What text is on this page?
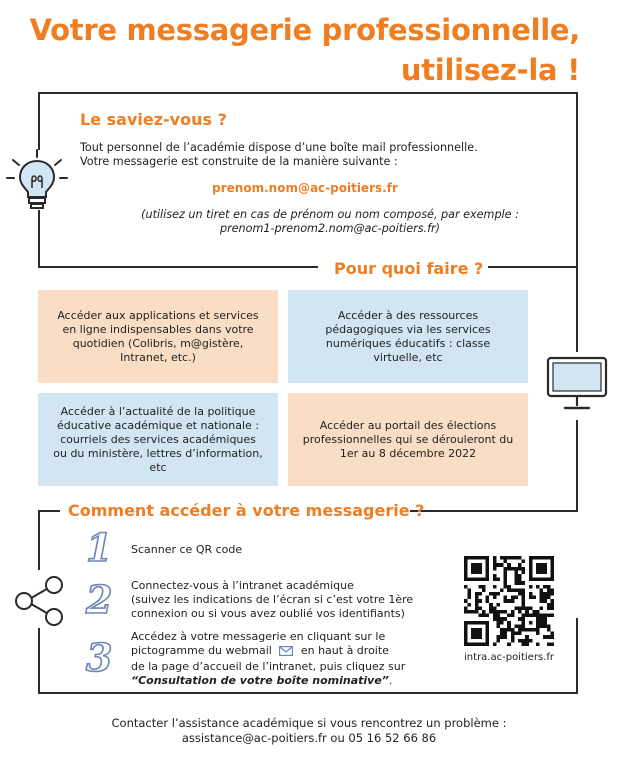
Votre messagerie professionnelle,
utilisez-la !
Le saviez-vous ?
Tout personnel de l’académie dispose d’une boîte mail professionnelle.
Votre messagerie est construite de la manière suivante :
prenom.nom@ac-poitiers.fr
(utilisez un tiret en cas de prénom ou nom composé, par exemple :
prenom1-prenom2.nom@ac-poitiers.fr)
Pour quoi faire ?
Accéder aux applications et services en ligne indispensables dans votre quotidien (Colibris, m@gistère, Intranet, etc.)
Accéder à des ressources pédagogiques via les services numériques éducatifs : classe virtuelle, etc
Accéder à l’actualité de la politique éducative académique et nationale : courriels des services académiques ou du ministère, lettres d’information, etc
Accéder au portail des élections professionnelles qui se dérouleront du 1er au 8 décembre 2022
Comment accéder à votre messagerie ?
1 Scanner ce QR code
2 Connectez-vous à l’intranet académique
(suivez les indications de l’écran si c’est votre 1ère
connexion ou si vous avez oublié vos identifiants)
3 Accédez à votre messagerie en cliquant sur le
pictogramme du webmail	en haut à droite
de la page d’accueil de l’intranet, puis cliquez sur
“Consultation de votre boîte nominative”.
intra.ac-poitiers.fr
Contacter l’assistance académique si vous rencontrez un problème :
assistance@ac-poitiers.fr ou 05 16 52 66 86
